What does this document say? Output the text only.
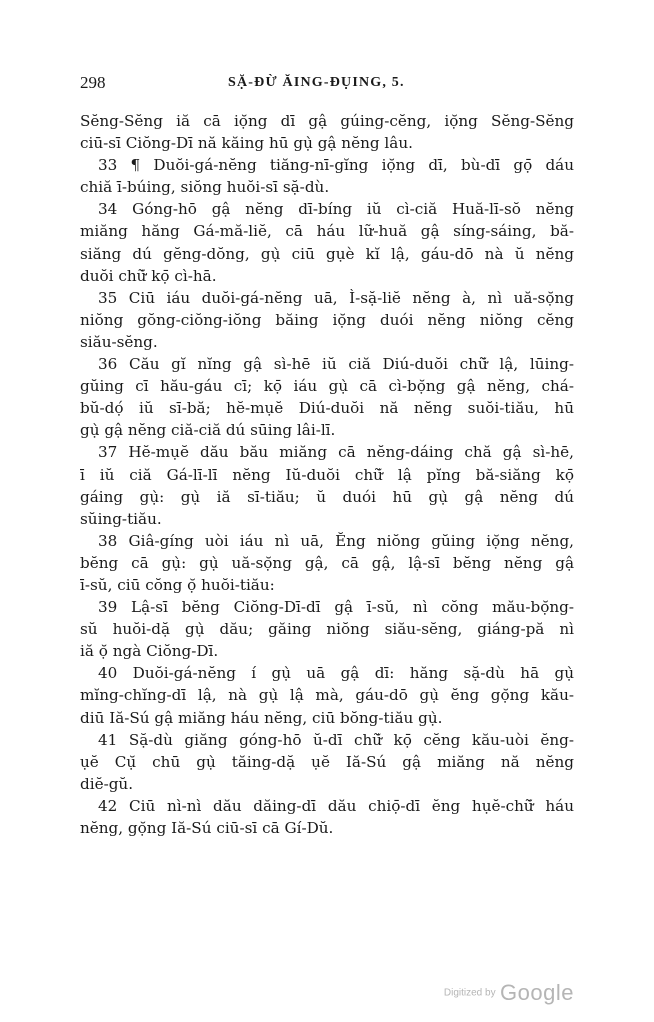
298	SẶ-ĐỪ ĂING-ĐỤING, 5.
Sĕng-Sĕng iă cā iọ̆ng dī gậ gúing-cĕng, iọ̆ng Sĕng-Sĕng
ciū-sī Ciŏng-Dī nă kăing hū gụ̀ gậ nĕng lâu.
33 ¶ Duŏi-gá-nĕng tiăng-nī-gĭng iọ̆ng dī, bù-dī gọ̄ dáu
chiă ī-búing, siŏng huŏi-sī sặ-dù.
34 Góng-hō gậ nĕng dī-bíng iŭ cì-ciă Huă-lī-sŏ nĕng
miăng hăng Gá-mă-liĕ, cā háu lữ-huă gậ síng-sáing, bă-
siăng dú gĕng-dŏng, gụ̀ ciū gụè kĭ lậ, gáu-dō nà ŭ nĕng
duŏi chữ̆ kọ̄ cì-hā.
35 Ciū iáu duŏi-gá-nĕng uā, Ì-sặ-liĕ nĕng à, nì uă-sọ̆ng
niŏng gŏng-ciŏng-iŏng băing iọ̆ng duói nĕng niŏng cĕng
siău-sĕng.
36 Cău gĭ nĭng gậ sì-hē iŭ ciă Diú-duŏi chữ̆ lậ, lūing-
gŭing cī hău-gáu cī; kọ̄ iáu gụ̀ cā cì-bọ̆ng gậ nĕng, chá-
bŭ-dọ́ iŭ sī-bă; hĕ-mụĕ Diú-duŏi nă nĕng suŏi-tiău, hū
gụ̀ gậ nĕng ciă-ciă dú sūing lâi-lī.
37 Hĕ-mụĕ dău bău miăng cā nĕng-dáing chă gậ sì-hē,
ī iŭ ciă Gá-lī-lī nĕng Iŭ-duŏi chữ̆ lậ pĭng bă-siăng kọ̄
gáing gụ̀: gụ̀ iă sī-tiău; ŭ duói hū gụ̀ gậ nĕng dú
sŭing-tiău.
38 Giâ-gíng uòi iáu nì uā, Ĕng niŏng gŭing iọ̆ng nĕng,
bĕng cā gụ̀: gụ̀ uă-sọ̆ng gậ, cā gậ, lậ-sī bĕng nĕng gậ
ī-sŭ, ciū cŏng ọ̆ huŏi-tiău:
39 Lậ-sī bĕng Ciŏng-Dī-dī gậ ī-sŭ, nì cŏng mău-bọ̆ng-
sŭ huŏi-dặ gụ̀ dău; găing niŏng siău-sĕng, giáng-pă nì
iă ọ̆ ngà Ciŏng-Dī.
40 Duŏi-gá-nĕng í gụ̀ uā gậ dī: hăng sặ-dù hā gụ̀
mĭng-chĭng-dī lậ, nà gụ̀ lậ mà, gáu-dō gụ̀ ĕng gọ̆ng kău-
diū Iă-Sú gậ miăng háu nĕng, ciū bŏng-tiău gụ̀.
41 Sặ-dù giăng góng-hō ŭ-dī chữ̆ kọ̄ cĕng kău-uòi ĕng-
ụĕ Cụ̆ chū gụ̀ tăing-dặ ụĕ Iă-Sú gậ miăng nă nĕng
diĕ-gŭ.
42 Ciū nì-nì dău dăing-dī dău chiọ̄-dī ĕng hụĕ-chữ̆ háu
nĕng, gọ̆ng Iă-Sú ciū-sī cā Gí-Dŭ.
Digitized by Google
